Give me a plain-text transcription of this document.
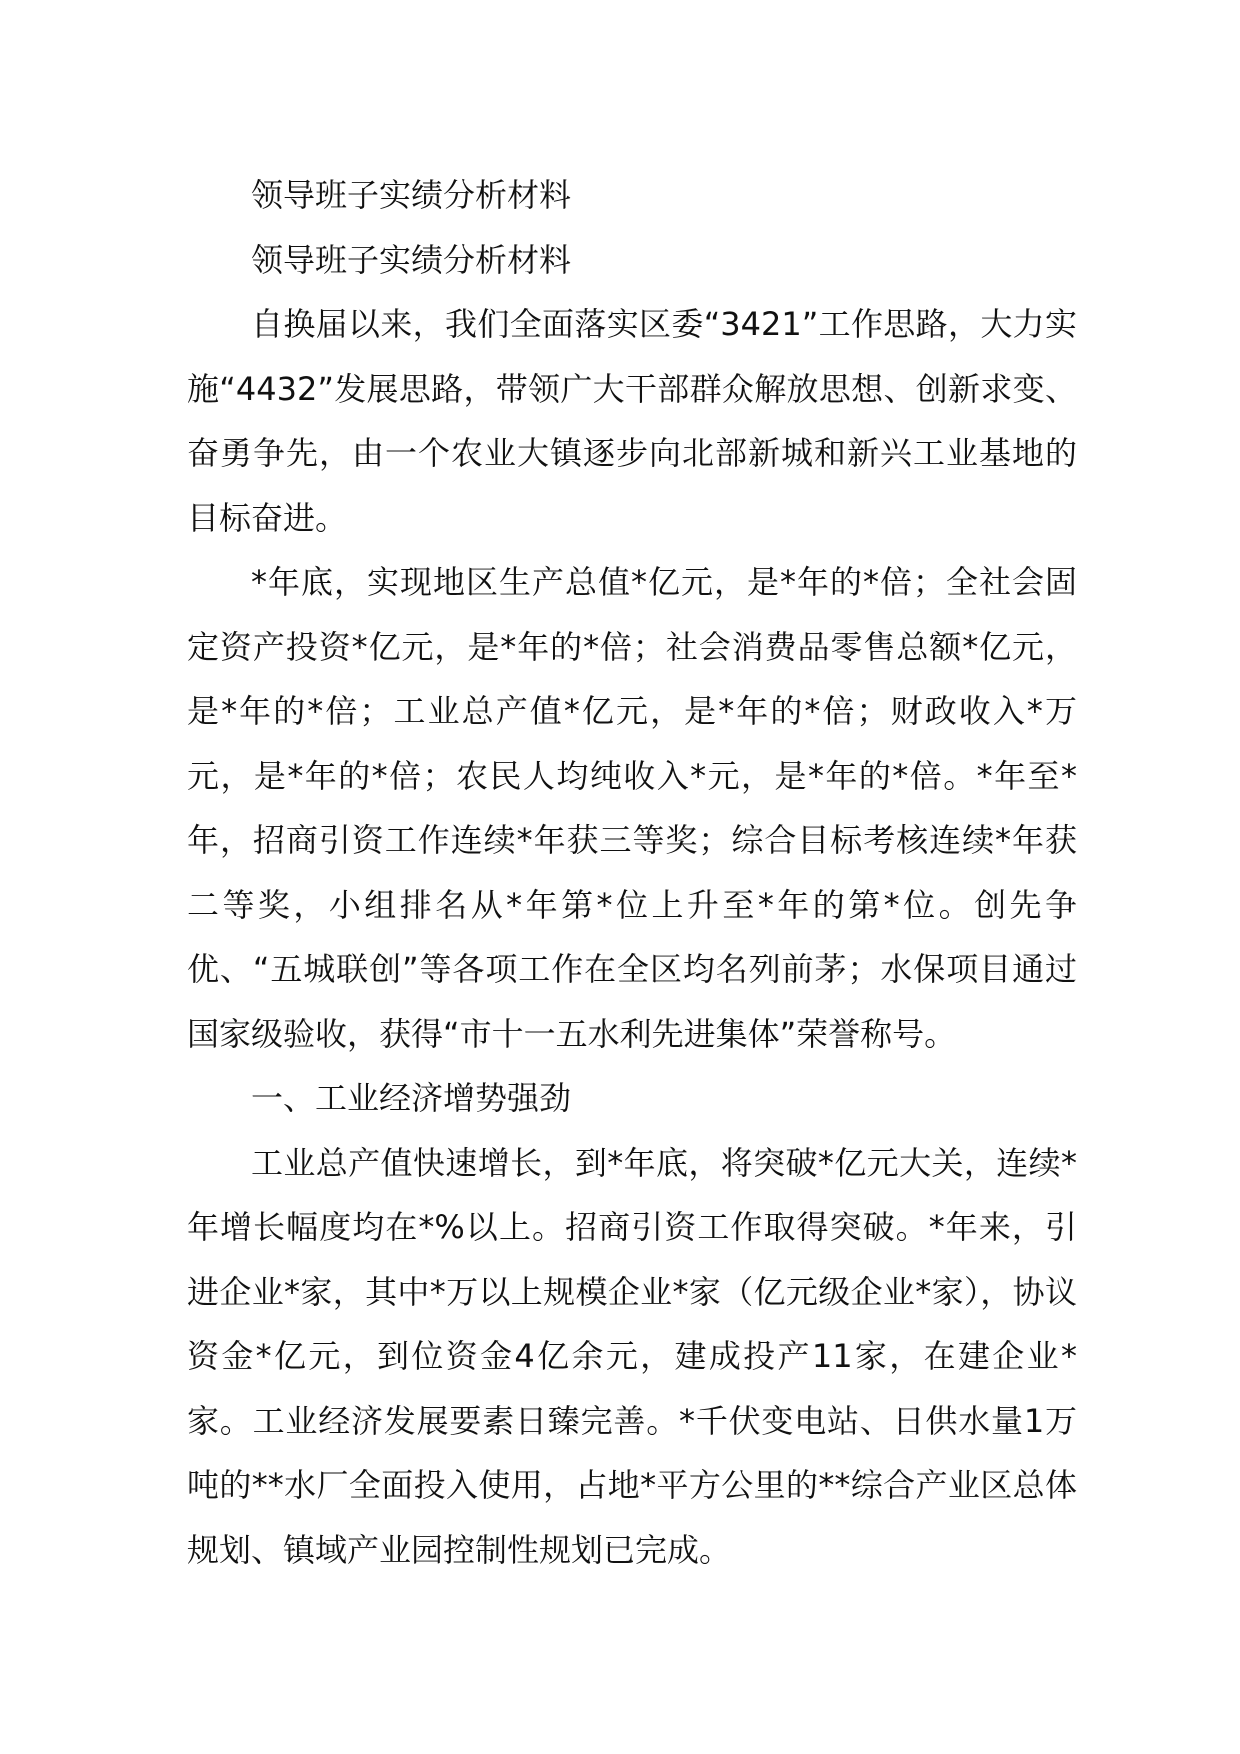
领导班子实绩分析材料

领导班子实绩分析材料

自换届以来，我们全面落实区委“3421”工作思路，大力实施“4432”发展思路，带领广大干部群众解放思想、创新求变、奋勇争先，由一个农业大镇逐步向北部新城和新兴工业基地的目标奋进。

*年底，实现地区生产总值*亿元，是*年的*倍；全社会固定资产投资*亿元，是*年的*倍；社会消费品零售总额*亿元，是*年的*倍；工业总产值*亿元，是*年的*倍；财政收入*万元，是*年的*倍；农民人均纯收入*元，是*年的*倍。*年至*年，招商引资工作连续*年获三等奖；综合目标考核连续*年获二等奖，小组排名从*年第*位上升至*年的第*位。创先争优、“五城联创”等各项工作在全区均名列前茅；水保项目通过国家级验收，获得“市十一五水利先进集体”荣誉称号。

一、工业经济增势强劲

工业总产值快速增长，到*年底，将突破*亿元大关，连续*年增长幅度均在*%以上。招商引资工作取得突破。*年来，引进企业*家，其中*万以上规模企业*家（亿元级企业*家），协议资金*亿元，到位资金4亿余元，建成投产11家，在建企业*家。工业经济发展要素日臻完善。*千伏变电站、日供水量1万吨的**水厂全面投入使用，占地*平方公里的**综合产业区总体规划、镇域产业园控制性规划已完成。
